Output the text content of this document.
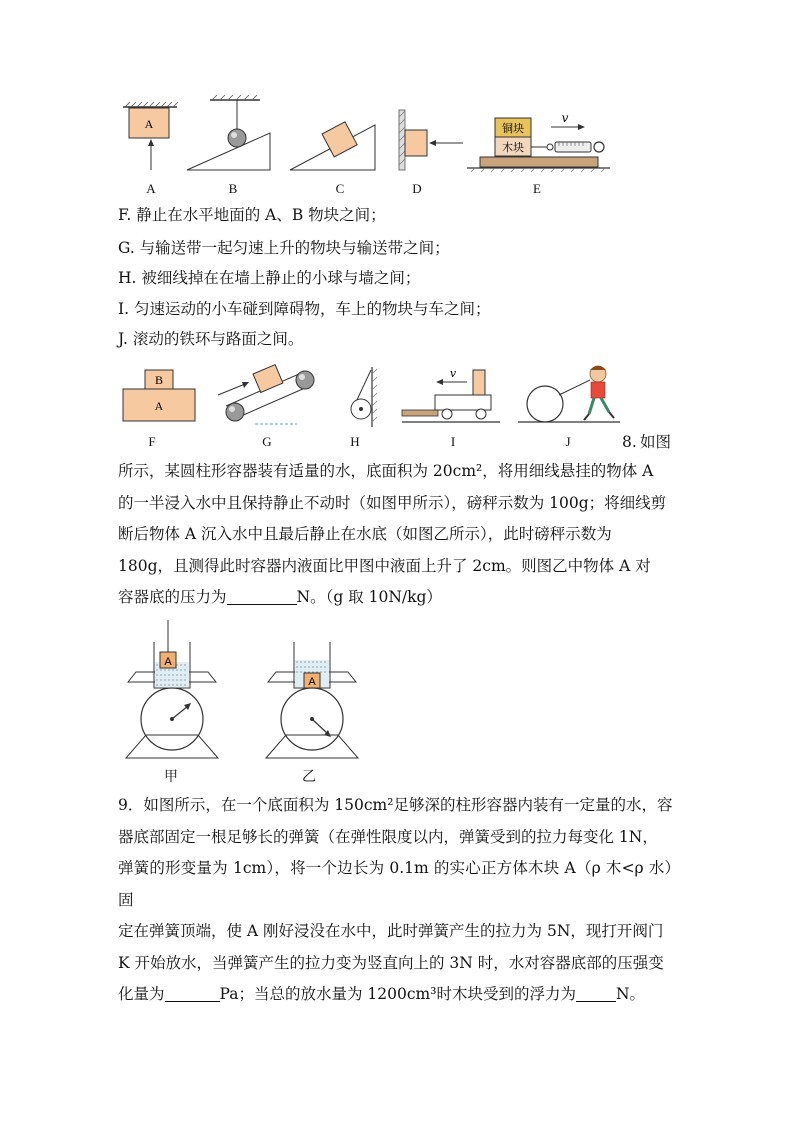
A
木块
铜块
v
A	B	C	D	E
F. 静止在水平地面的 A、B 物块之间；
G. 与输送带一起匀速上升的物块与输送带之间；
H. 被细线掉在在墙上静止的小球与墙之间；
I. 匀速运动的小车碰到障碍物，车上的物块与车之间；
J. 滚动的铁环与路面之间。
A
B	v
F	G	H	I	J	8. 如图
所示，某圆柱形容器装有适量的水，底面积为 20cm²，将用细线悬挂的物体 A
的一半浸入水中且保持静止不动时（如图甲所示），磅秤示数为 100g；将细线剪
断后物体 A 沉入水中且最后静止在水底（如图乙所示），此时磅秤示数为
180g，且测得此时容器内液面比甲图中液面上升了 2cm。则图乙中物体 A 对
容器底的压力为	N。（g 取 10N/kg）
A
A
甲	乙
9．如图所示，在一个底面积为 150cm²足够深的柱形容器内装有一定量的水，容
器底部固定一根足够长的弹簧（在弹性限度以内，弹簧受到的拉力每变化 1N，
弹簧的形变量为 1cm），将一个边长为 0.1m 的实心正方体木块 A（ρ 木<ρ 水）固
定在弹簧顶端，使 A 刚好浸没在水中，此时弹簧产生的拉力为 5N，现打开阀门
K 开始放水，当弹簧产生的拉力变为竖直向上的 3N 时，水对容器底部的压强变
化量为	Pa；当总的放水量为 1200cm³时木块受到的浮力为	N。
